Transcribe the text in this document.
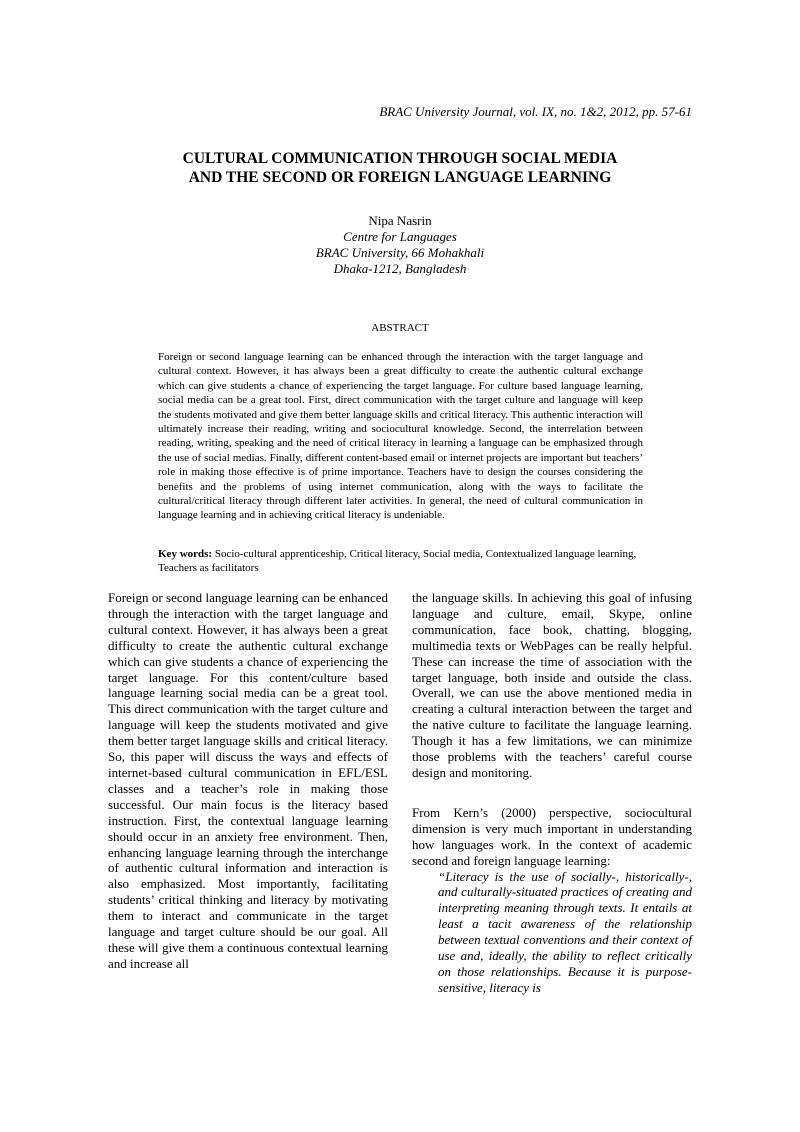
BRAC University Journal, vol. IX, no. 1&2, 2012, pp. 57-61
CULTURAL COMMUNICATION THROUGH SOCIAL MEDIA
AND THE SECOND OR FOREIGN LANGUAGE LEARNING
Nipa Nasrin
Centre for Languages
BRAC University, 66 Mohakhali
Dhaka-1212, Bangladesh
ABSTRACT
Foreign or second language learning can be enhanced through the interaction with the target language and cultural context. However, it has always been a great difficulty to create the authentic cultural exchange which can give students a chance of experiencing the target language. For culture based language learning, social media can be a great tool. First, direct communication with the target culture and language will keep the students motivated and give them better language skills and critical literacy. This authentic interaction will ultimately increase their reading, writing and sociocultural knowledge. Second, the interrelation between reading, writing, speaking and the need of critical literacy in learning a language can be emphasized through the use of social medias. Finally, different content-based email or internet projects are important but teachers’ role in making those effective is of prime importance. Teachers have to design the courses considering the benefits and the problems of using internet communication, along with the ways to facilitate the cultural/critical literacy through different later activities. In general, the need of cultural communication in language learning and in achieving critical literacy is undeniable.
Key words: Socio-cultural apprenticeship, Critical literacy, Social media, Contextualized language learning, Teachers as facilitators

Foreign or second language learning can be enhanced through the interaction with the target language and cultural context. However, it has always been a great difficulty to create the authentic cultural exchange which can give students a chance of experiencing the target language. For this content/culture based language learning social media can be a great tool. This direct communication with the target culture and language will keep the students motivated and give them better target language skills and critical literacy. So, this paper will discuss the ways and effects of internet-based cultural communication in EFL/ESL classes and a teacher’s role in making those successful. Our main focus is the literacy based instruction. First, the contextual language learning should occur in an anxiety free environment. Then, enhancing language learning through the interchange of authentic cultural information and interaction is also emphasized. Most importantly, facilitating students’ critical thinking and literacy by motivating them to interact and communicate in the target language and target culture should be our goal. All these will give them a continuous contextual learning and increase all

the language skills. In achieving this goal of infusing language and culture, email, Skype, online communication, face book, chatting, blogging, multimedia texts or WebPages can be really helpful. These can increase the time of association with the target language, both inside and outside the class. Overall, we can use the above mentioned media in creating a cultural interaction between the target and the native culture to facilitate the language learning. Though it has a few limitations, we can minimize those problems with the teachers’ careful course design and monitoring.

From Kern’s (2000) perspective, sociocultural dimension is very much important in understanding how languages work. In the context of academic second and foreign language learning:

“Literacy is the use of socially-, historically-, and culturally-situated practices of creating and interpreting meaning through texts. It entails at least a tacit awareness of the relationship between textual conventions and their context of use and, ideally, the ability to reflect critically on those relationships. Because it is purpose-sensitive, literacy is
